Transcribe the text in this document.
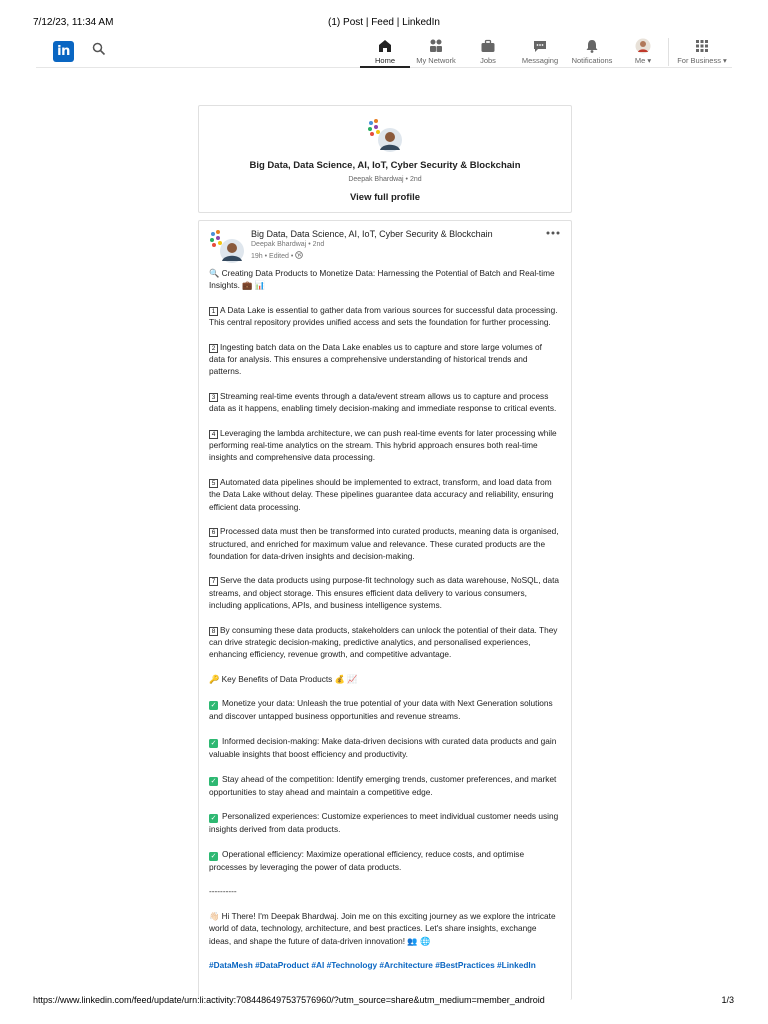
7/12/23, 11:34 AM	(1) Post | Feed | LinkedIn
in
Home	My Network	Jobs	Messaging	Notifications	Me ▾	For Business ▾
Big Data, Data Science, AI, IoT, Cyber Security & Blockchain
Deepak Bhardwaj • 2nd
View full profile
Big Data, Data Science, AI, IoT, Cyber Security & Blockchain
Deepak Bhardwaj • 2nd
19h • Edited •

🔍 Creating Data Products to Monetize Data: Harnessing the Potential of Batch and Real-time Insights. 💼 📊

1 A Data Lake is essential to gather data from various sources for successful data processing. This central repository provides unified access and sets the foundation for further processing.

2 Ingesting batch data on the Data Lake enables us to capture and store large volumes of data for analysis. This ensures a comprehensive understanding of historical trends and patterns.

3 Streaming real-time events through a data/event stream allows us to capture and process data as it happens, enabling timely decision-making and immediate response to critical events.

4 Leveraging the lambda architecture, we can push real-time events for later processing while performing real-time analytics on the stream. This hybrid approach ensures both real-time insights and comprehensive data processing.

5 Automated data pipelines should be implemented to extract, transform, and load data from the Data Lake without delay. These pipelines guarantee data accuracy and reliability, ensuring efficient data processing.

6 Processed data must then be transformed into curated products, meaning data is organised, structured, and enriched for maximum value and relevance. These curated products are the foundation for data-driven insights and decision-making.

7 Serve the data products using purpose-fit technology such as data warehouse, NoSQL, data streams, and object storage. This ensures efficient data delivery to various consumers, including applications, APIs, and business intelligence systems.

8 By consuming these data products, stakeholders can unlock the potential of their data. They can drive strategic decision-making, predictive analytics, and personalised experiences, enhancing efficiency, revenue growth, and competitive advantage.

🔑 Key Benefits of Data Products 💰 📈

✓ Monetize your data: Unleash the true potential of your data with Next Generation solutions and discover untapped business opportunities and revenue streams.

✓ Informed decision-making: Make data-driven decisions with curated data products and gain valuable insights that boost efficiency and productivity.

✓ Stay ahead of the competition: Identify emerging trends, customer preferences, and market opportunities to stay ahead and maintain a competitive edge.

✓ Personalized experiences: Customize experiences to meet individual customer needs using insights derived from data products.

✓ Operational efficiency: Maximize operational efficiency, reduce costs, and optimise processes by leveraging the power of data products.

----------

👋🏻 Hi There! I'm Deepak Bhardwaj. Join me on this exciting journey as we explore the intricate world of data, technology, architecture, and best practices. Let's share insights, exchange ideas, and shape the future of data-driven innovation! 👥 🌐

#DataMesh #DataProduct #AI #Technology #Architecture #BestPractices #LinkedIn

https://www.linkedin.com/feed/update/urn:li:activity:7084486497537576960/?utm_source=share&utm_medium=member_android	1/3
